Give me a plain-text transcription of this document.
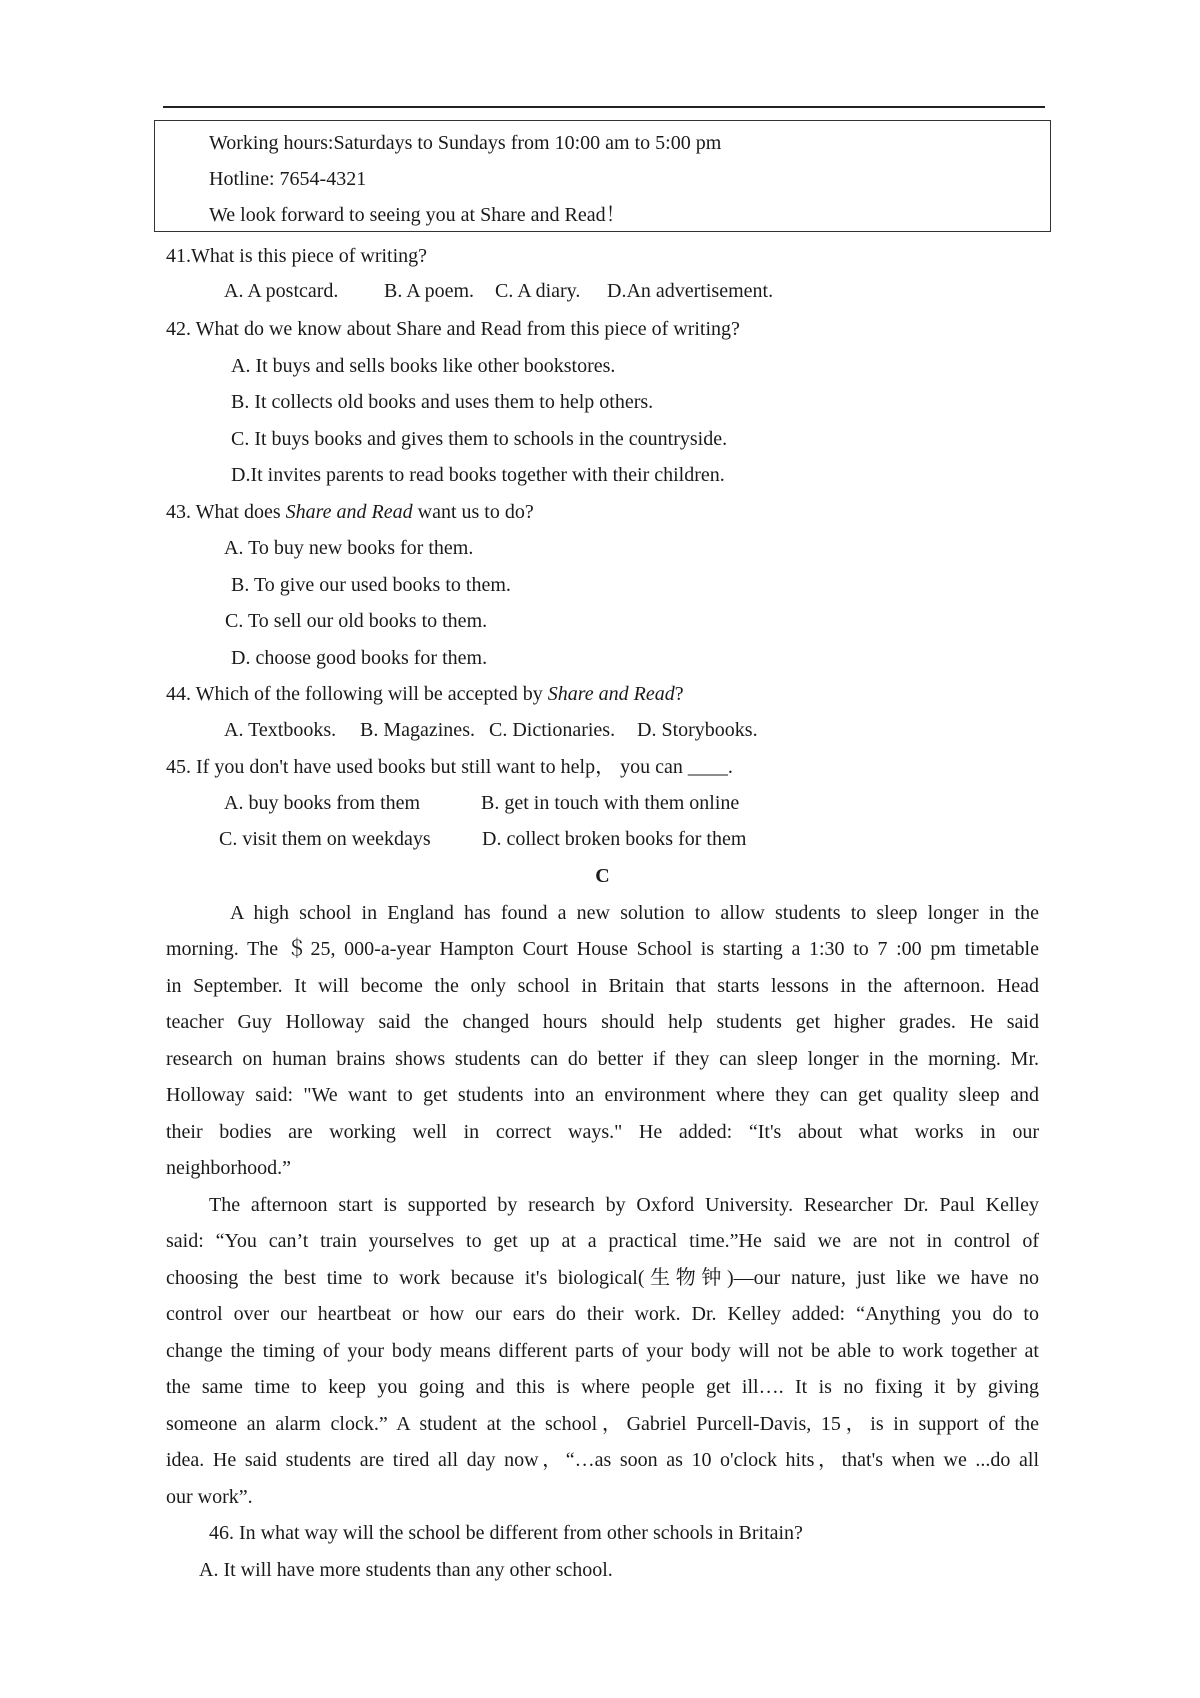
Working hours:Saturdays to Sundays from 10:00 am to 5:00 pm
Hotline: 7654-4321
We look forward to seeing you at Share and Read！
41.What is this piece of writing?
A. A postcard. B. A poem. C. A diary. D.An advertisement.
42. What do we know about Share and Read from this piece of writing?
A. It buys and sells books like other bookstores.
B. It collects old books and uses them to help others.
C. It buys books and gives them to schools in the countryside.
D.It invites parents to read books together with their children.
43. What does Share and Read want us to do?
A. To buy new books for them.
B. To give our used books to them.
C. To sell our old books to them.
D. choose good books for them.
44. Which of the following will be accepted by Share and Read?
A. Textbooks. B. Magazines. C. Dictionaries. D. Storybooks.
45. If you don't have used books but still want to help， you can ____.
A. buy books from them	B. get in touch with them online
C. visit them on weekdays	D. collect broken books for them
C
A high school in England has found a new solution to allow students to sleep longer in the
morning. The ＄25, 000-a-year Hampton Court House School is starting a 1:30 to 7 :00 pm timetable
in September. It will become the only school in Britain that starts lessons in the afternoon. Head
teacher Guy Holloway said the changed hours should help students get higher grades. He said
research on human brains shows students can do better if they can sleep longer in the morning. Mr.
Holloway said: "We want to get students into an environment where they can get quality sleep and
their bodies are working well in correct ways." He added: “It's about what works in our
neighborhood.”
The afternoon start is supported by research by Oxford University. Researcher Dr. Paul Kelley
said: “You can’t train yourselves to get up at a practical time.”He said we are not in control of
choosing the best time to work because it's biological(生物钟)—our nature, just like we have no
control over our heartbeat or how our ears do their work. Dr. Kelley added: “Anything you do to
change the timing of your body means different parts of your body will not be able to work together at
the same time to keep you going and this is where people get ill…. It is no fixing it by giving
someone an alarm clock.” A student at the school，Gabriel Purcell-Davis, 15，is in support of the
idea. He said students are tired all day now，“…as soon as 10 o'clock hits，that's when we ...do all
our work”.
46. In what way will the school be different from other schools in Britain?
A. It will have more students than any other school.
